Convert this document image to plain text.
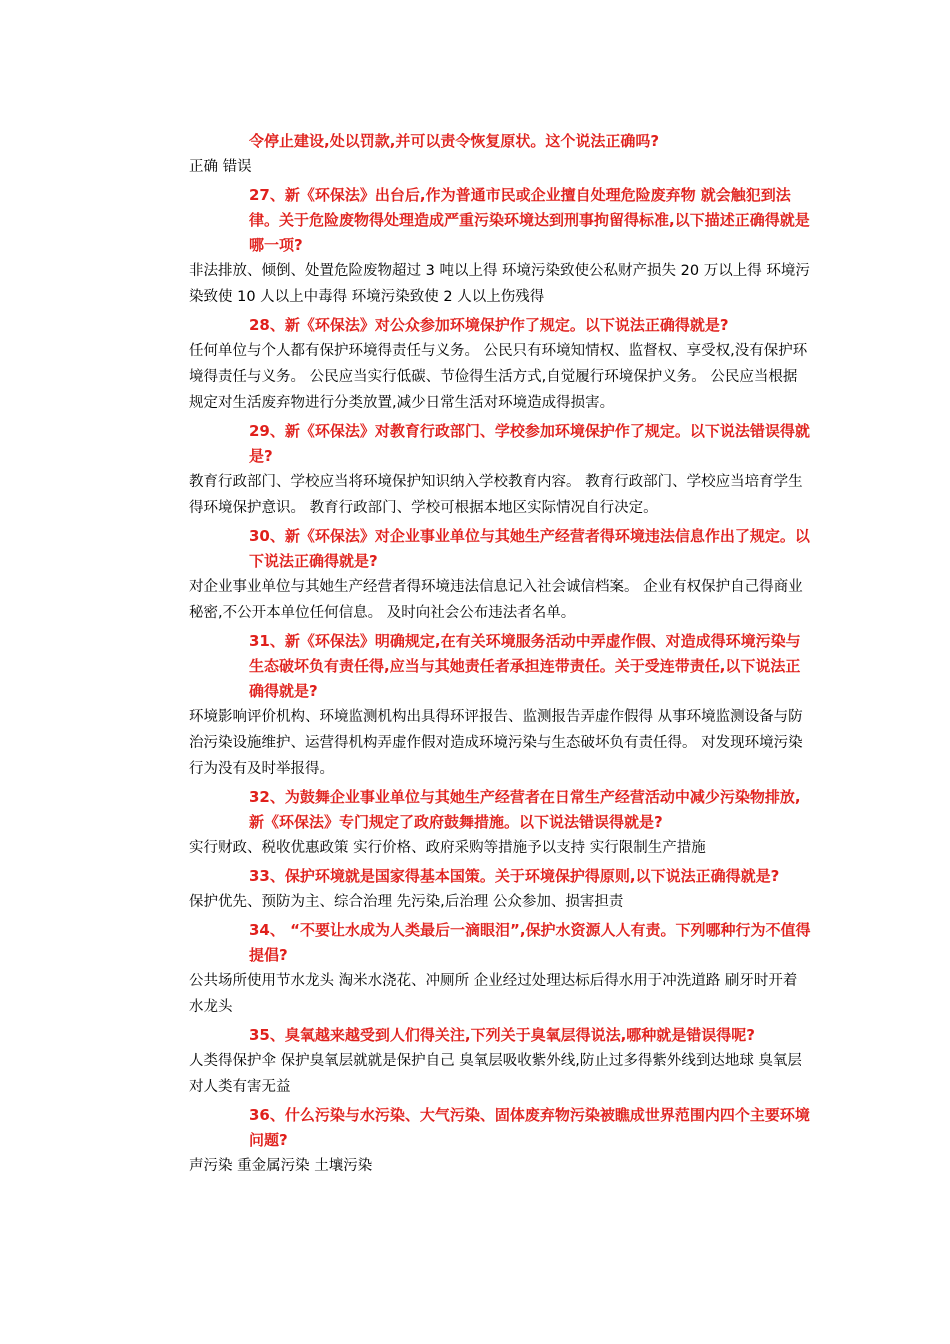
令停止建设,处以罚款,并可以责令恢复原状。这个说法正确吗?

正确 错误

27、新《环保法》出台后,作为普通市民或企业擅自处理危险废弃物 就会触犯到法律。关于危险废物得处理造成严重污染环境达到刑事拘留得标准,以下描述正确得就是哪一项?

非法排放、倾倒、处置危险废物超过 3 吨以上得 环境污染致使公私财产损失 20 万以上得 环境污染致使 10 人以上中毒得 环境污染致使 2 人以上伤残得

28、新《环保法》对公众参加环境保护作了规定。以下说法正确得就是?

任何单位与个人都有保护环境得责任与义务。 公民只有环境知情权、监督权、享受权,没有保护环境得责任与义务。 公民应当实行低碳、节俭得生活方式,自觉履行环境保护义务。 公民应当根据规定对生活废弃物进行分类放置,减少日常生活对环境造成得损害。

29、新《环保法》对教育行政部门、学校参加环境保护作了规定。以下说法错误得就是?

教育行政部门、学校应当将环境保护知识纳入学校教育内容。 教育行政部门、学校应当培育学生得环境保护意识。 教育行政部门、学校可根据本地区实际情况自行决定。

30、新《环保法》对企业事业单位与其她生产经营者得环境违法信息作出了规定。以下说法正确得就是?

对企业事业单位与其她生产经营者得环境违法信息记入社会诚信档案。 企业有权保护自己得商业秘密,不公开本单位任何信息。 及时向社会公布违法者名单。

31、新《环保法》明确规定,在有关环境服务活动中弄虚作假、对造成得环境污染与生态破坏负有责任得,应当与其她责任者承担连带责任。关于受连带责任,以下说法正确得就是?

环境影响评价机构、环境监测机构出具得环评报告、监测报告弄虚作假得 从事环境监测设备与防治污染设施维护、运营得机构弄虚作假对造成环境污染与生态破坏负有责任得。 对发现环境污染行为没有及时举报得。

32、为鼓舞企业事业单位与其她生产经营者在日常生产经营活动中减少污染物排放,新《环保法》专门规定了政府鼓舞措施。以下说法错误得就是?

实行财政、税收优惠政策 实行价格、政府采购等措施予以支持 实行限制生产措施

33、保护环境就是国家得基本国策。关于环境保护得原则,以下说法正确得就是?

保护优先、预防为主、综合治理 先污染,后治理 公众参加、损害担责

34、 “不要让水成为人类最后一滴眼泪”,保护水资源人人有责。下列哪种行为不值得提倡?

公共场所使用节水龙头 淘米水浇花、冲厕所 企业经过处理达标后得水用于冲洗道路 刷牙时开着水龙头

35、臭氧越来越受到人们得关注,下列关于臭氧层得说法,哪种就是错误得呢?

人类得保护伞 保护臭氧层就就是保护自己 臭氧层吸收紫外线,防止过多得紫外线到达地球 臭氧层对人类有害无益

36、什么污染与水污染、大气污染、固体废弃物污染被瞧成世界范围内四个主要环境问题?

声污染 重金属污染 土壤污染
